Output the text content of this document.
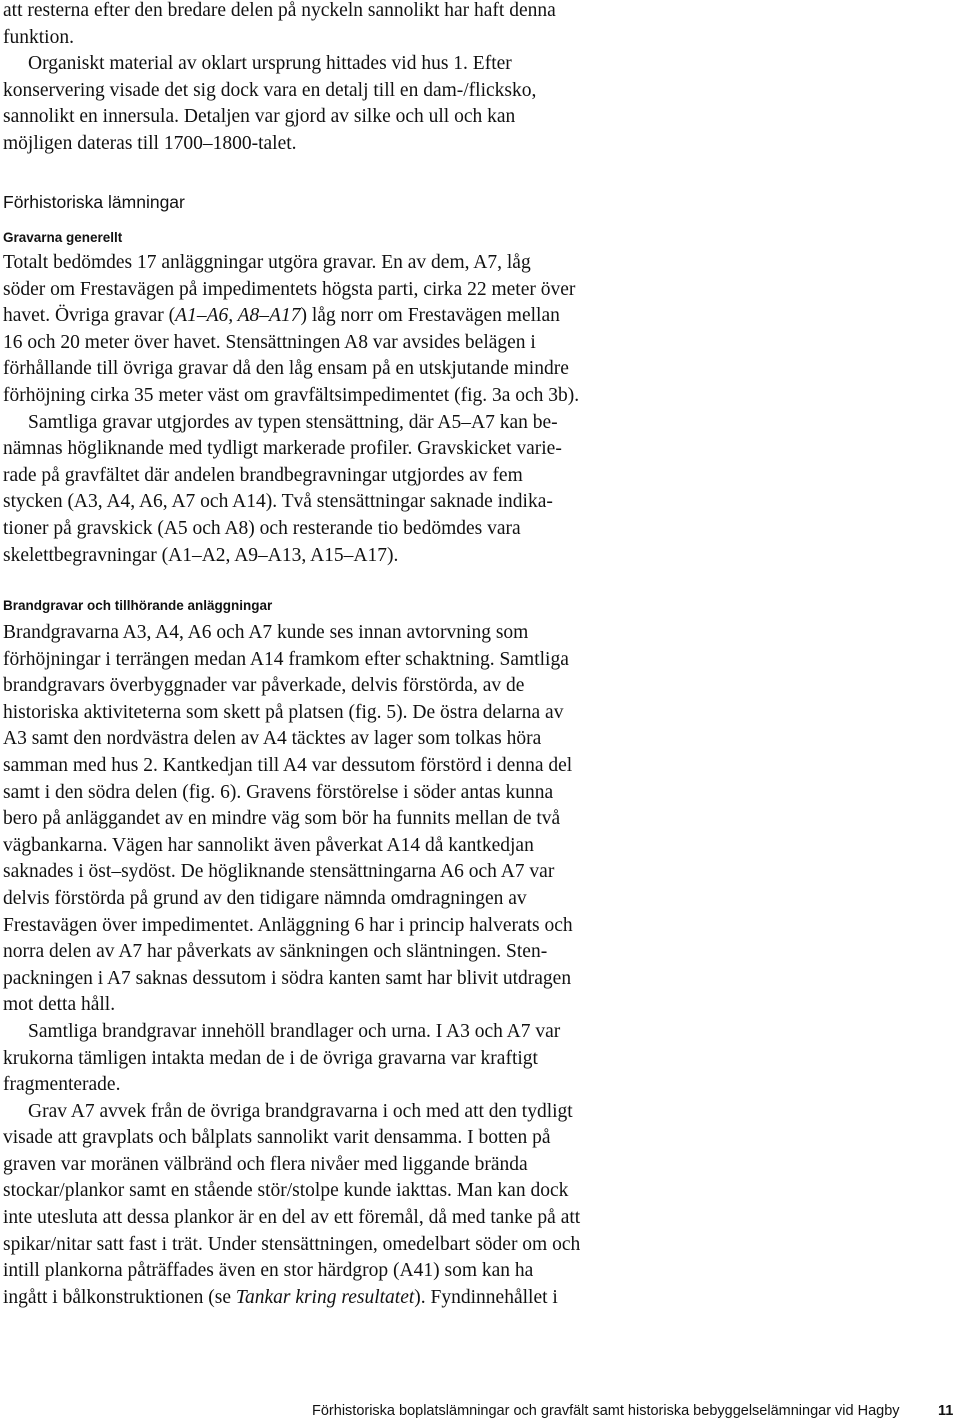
att resterna efter den bredare delen på nyckeln sannolikt har haft denna

funktion.

Organiskt material av oklart ursprung hittades vid hus 1. Efter

konservering visade det sig dock vara en detalj till en dam-/flicksko,

sannolikt en innersula. Detaljen var gjord av silke och ull och kan

möjligen dateras till 1700–1800-talet.

Förhistoriska lämningar

Gravarna generellt

Totalt bedömdes 17 anläggningar utgöra gravar. En av dem, A7, låg

söder om Frestavägen på impedimentets högsta parti, cirka 22 meter över

havet. Övriga gravar (A1–A6, A8–A17) låg norr om Frestavägen mellan

16 och 20 meter över havet. Stensättningen A8 var avsides belägen i

förhållande till övriga gravar då den låg ensam på en utskjutande mindre

förhöjning cirka 35 meter väst om gravfältsimpedimentet (fig. 3a och 3b).

Samtliga gravar utgjordes av typen stensättning, där A5–A7 kan be-

nämnas högliknande med tydligt markerade profiler. Gravskicket varie-

rade på gravfältet där andelen brandbegravningar utgjordes av fem

stycken (A3, A4, A6, A7 och A14). Två stensättningar saknade indika-

tioner på gravskick (A5 och A8) och resterande tio bedömdes vara

skelettbegravningar (A1–A2, A9–A13, A15–A17).

Brandgravar och tillhörande anläggningar

Brandgravarna A3, A4, A6 och A7 kunde ses innan avtorvning som

förhöjningar i terrängen medan A14 framkom efter schaktning. Samtliga

brandgravars överbyggnader var påverkade, delvis förstörda, av de

historiska aktiviteterna som skett på platsen (fig. 5). De östra delarna av

A3 samt den nordvästra delen av A4 täcktes av lager som tolkas höra

samman med hus 2. Kantkedjan till A4 var dessutom förstörd i denna del

samt i den södra delen (fig. 6). Gravens förstörelse i söder antas kunna

bero på anläggandet av en mindre väg som bör ha funnits mellan de två

vägbankarna. Vägen har sannolikt även påverkat A14 då kantkedjan

saknades i öst–sydöst. De högliknande stensättningarna A6 och A7 var

delvis förstörda på grund av den tidigare nämnda omdragningen av

Frestavägen över impedimentet. Anläggning 6 har i princip halverats och

norra delen av A7 har påverkats av sänkningen och släntningen. Sten-

packningen i A7 saknas dessutom i södra kanten samt har blivit utdragen

mot detta håll.

Samtliga brandgravar innehöll brandlager och urna. I A3 och A7 var

krukorna tämligen intakta medan de i de övriga gravarna var kraftigt

fragmenterade.

Grav A7 avvek från de övriga brandgravarna i och med att den tydligt

visade att gravplats och bålplats sannolikt varit densamma. I botten på

graven var moränen välbränd och flera nivåer med liggande brända

stockar/plankor samt en stående stör/stolpe kunde iakttas. Man kan dock

inte utesluta att dessa plankor är en del av ett föremål, då med tanke på att

spikar/nitar satt fast i trät. Under stensättningen, omedelbart söder om och

intill plankorna påträffades även en stor härdgrop (A41) som kan ha

ingått i bålkonstruktionen (se Tankar kring resultatet). Fyndinnehållet i

Förhistoriska boplatslämningar och gravfält samt historiska bebyggelselämningar vid Hagby	11
